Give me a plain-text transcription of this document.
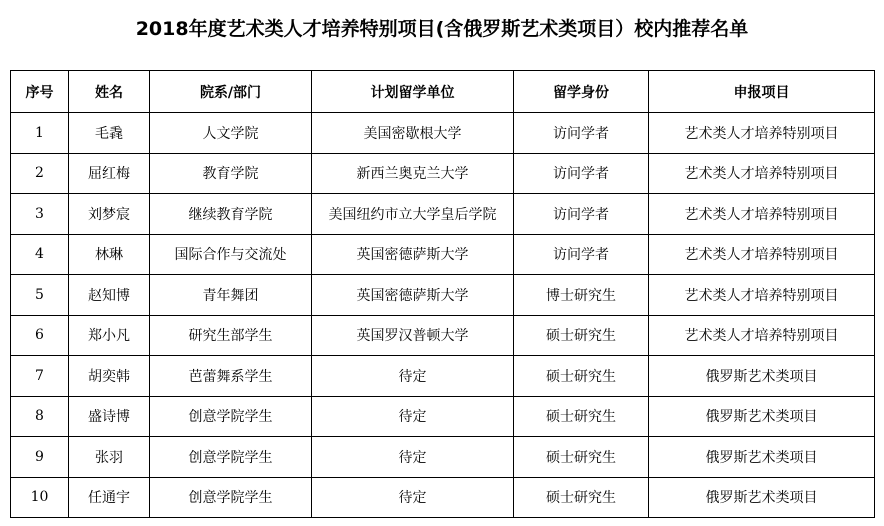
2018年度艺术类人才培养特别项目(含俄罗斯艺术类项目）校内推荐名单
序号	姓名	院系/部门	计划留学单位	留学身份	申报项目
1	毛毳	人文学院	美国密歇根大学	访问学者	艺术类人才培养特别项目
2	屈红梅	教育学院	新西兰奥克兰大学	访问学者	艺术类人才培养特别项目
3	刘梦宸	继续教育学院	美国纽约市立大学皇后学院	访问学者	艺术类人才培养特别项目
4	林琳	国际合作与交流处	英国密德萨斯大学	访问学者	艺术类人才培养特别项目
5	赵知博	青年舞团	英国密德萨斯大学	博士研究生	艺术类人才培养特别项目
6	郑小凡	研究生部学生	英国罗汉普顿大学	硕士研究生	艺术类人才培养特别项目
7	胡奕韩	芭蕾舞系学生	待定	硕士研究生	俄罗斯艺术类项目
8	盛诗博	创意学院学生	待定	硕士研究生	俄罗斯艺术类项目
9	张羽	创意学院学生	待定	硕士研究生	俄罗斯艺术类项目
10	任通宇	创意学院学生	待定	硕士研究生	俄罗斯艺术类项目
